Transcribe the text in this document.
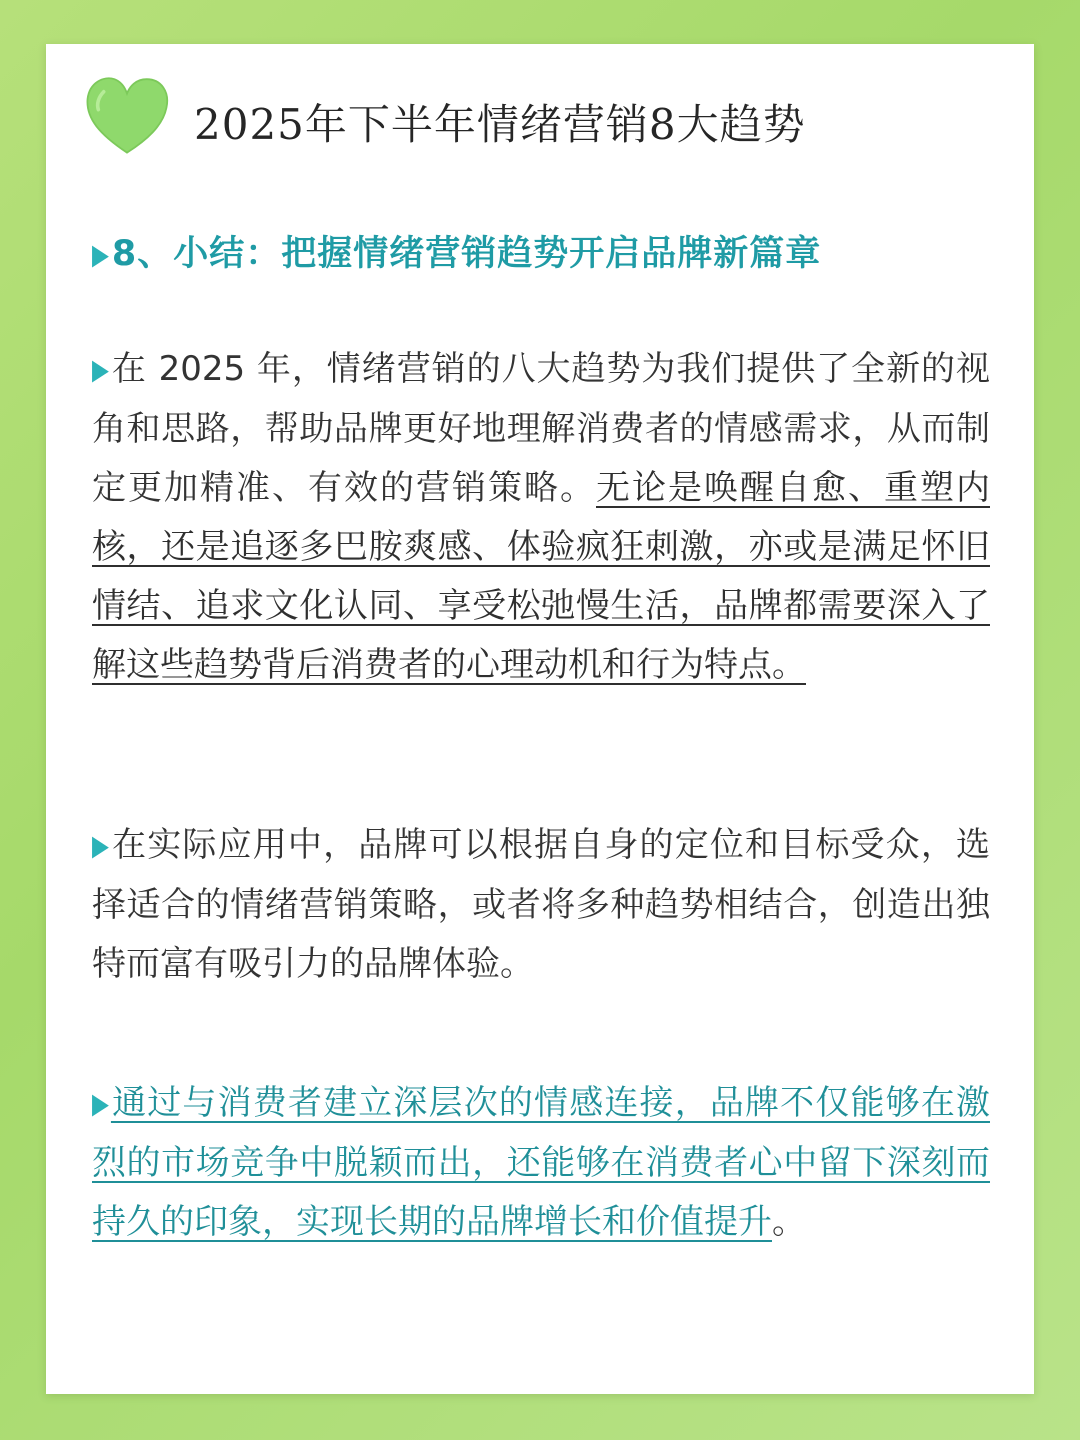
2025年下半年情绪营销8大趋势
▶8、小结：把握情绪营销趋势开启品牌新篇章

▶在 2025 年，情绪营销的八大趋势为我们提供了全新的视角和思路，帮助品牌更好地理解消费者的情感需求，从而制定更加精准、有效的营销策略。无论是唤醒自愈、重塑内核，还是追逐多巴胺爽感、体验疯狂刺激，亦或是满足怀旧情结、追求文化认同、享受松弛慢生活，品牌都需要深入了解这些趋势背后消费者的心理动机和行为特点。

▶在实际应用中，品牌可以根据自身的定位和目标受众，选择适合的情绪营销策略，或者将多种趋势相结合，创造出独特而富有吸引力的品牌体验。

▶通过与消费者建立深层次的情感连接，品牌不仅能够在激烈的市场竞争中脱颖而出，还能够在消费者心中留下深刻而持久的印象，实现长期的品牌增长和价值提升。
